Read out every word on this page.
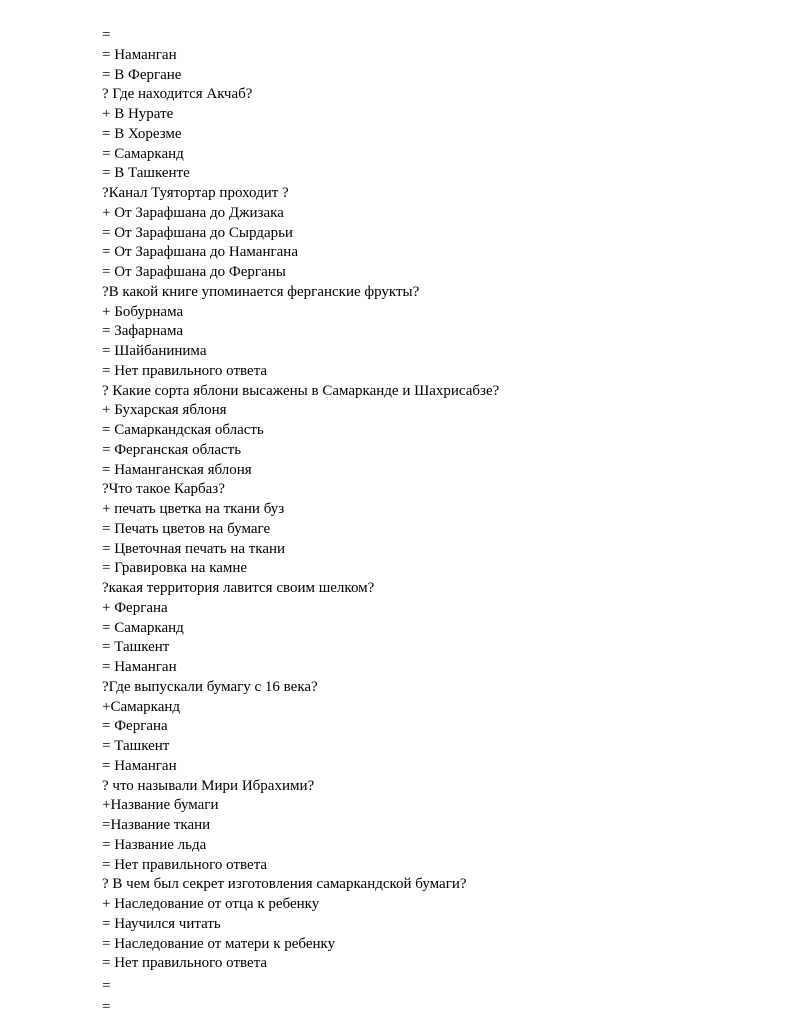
=
= Наманган
= В Фергане
? Где находится Акчаб?
+ В Нурате
= В Хорезме
= Самарканд
= В Ташкенте
?Канал Туятортар проходит ?
+ От Зарафшана до Джизака
= От Зарафшана до Сырдарьи
= От Зарафшана до Намангана
= От Зарафшана до Ферганы
?В какой книге упоминается ферганские фрукты?
+ Бобурнама
= Зафарнама
= Шайбанинима
= Нет правильного ответа
? Какие сорта яблони высажены в Самарканде и Шахрисабзе?
+ Бухарская яблоня
= Самаркандская область
= Ферганская область
= Наманганская яблоня
?Что такое Карбаз?
+ печать цветка на ткани буз
= Печать цветов на бумаге
= Цветочная печать на ткани
= Гравировка на камне
?какая территория лавится своим шелком?
+ Фергана
= Самарканд
= Ташкент
= Наманган
?Где выпускали бумагу с 16 века?
+Самарканд
= Фергана
= Ташкент
= Наманган
? что называли Мири Ибрахими?
+Название бумаги
=Название ткани
= Название льда
= Нет правильного ответа
? В чем был секрет изготовления самаркандской бумаги?
+ Наследование от отца к ребенку
= Научился читать
= Наследование от матери к ребенку
= Нет правильного ответа
=
=
